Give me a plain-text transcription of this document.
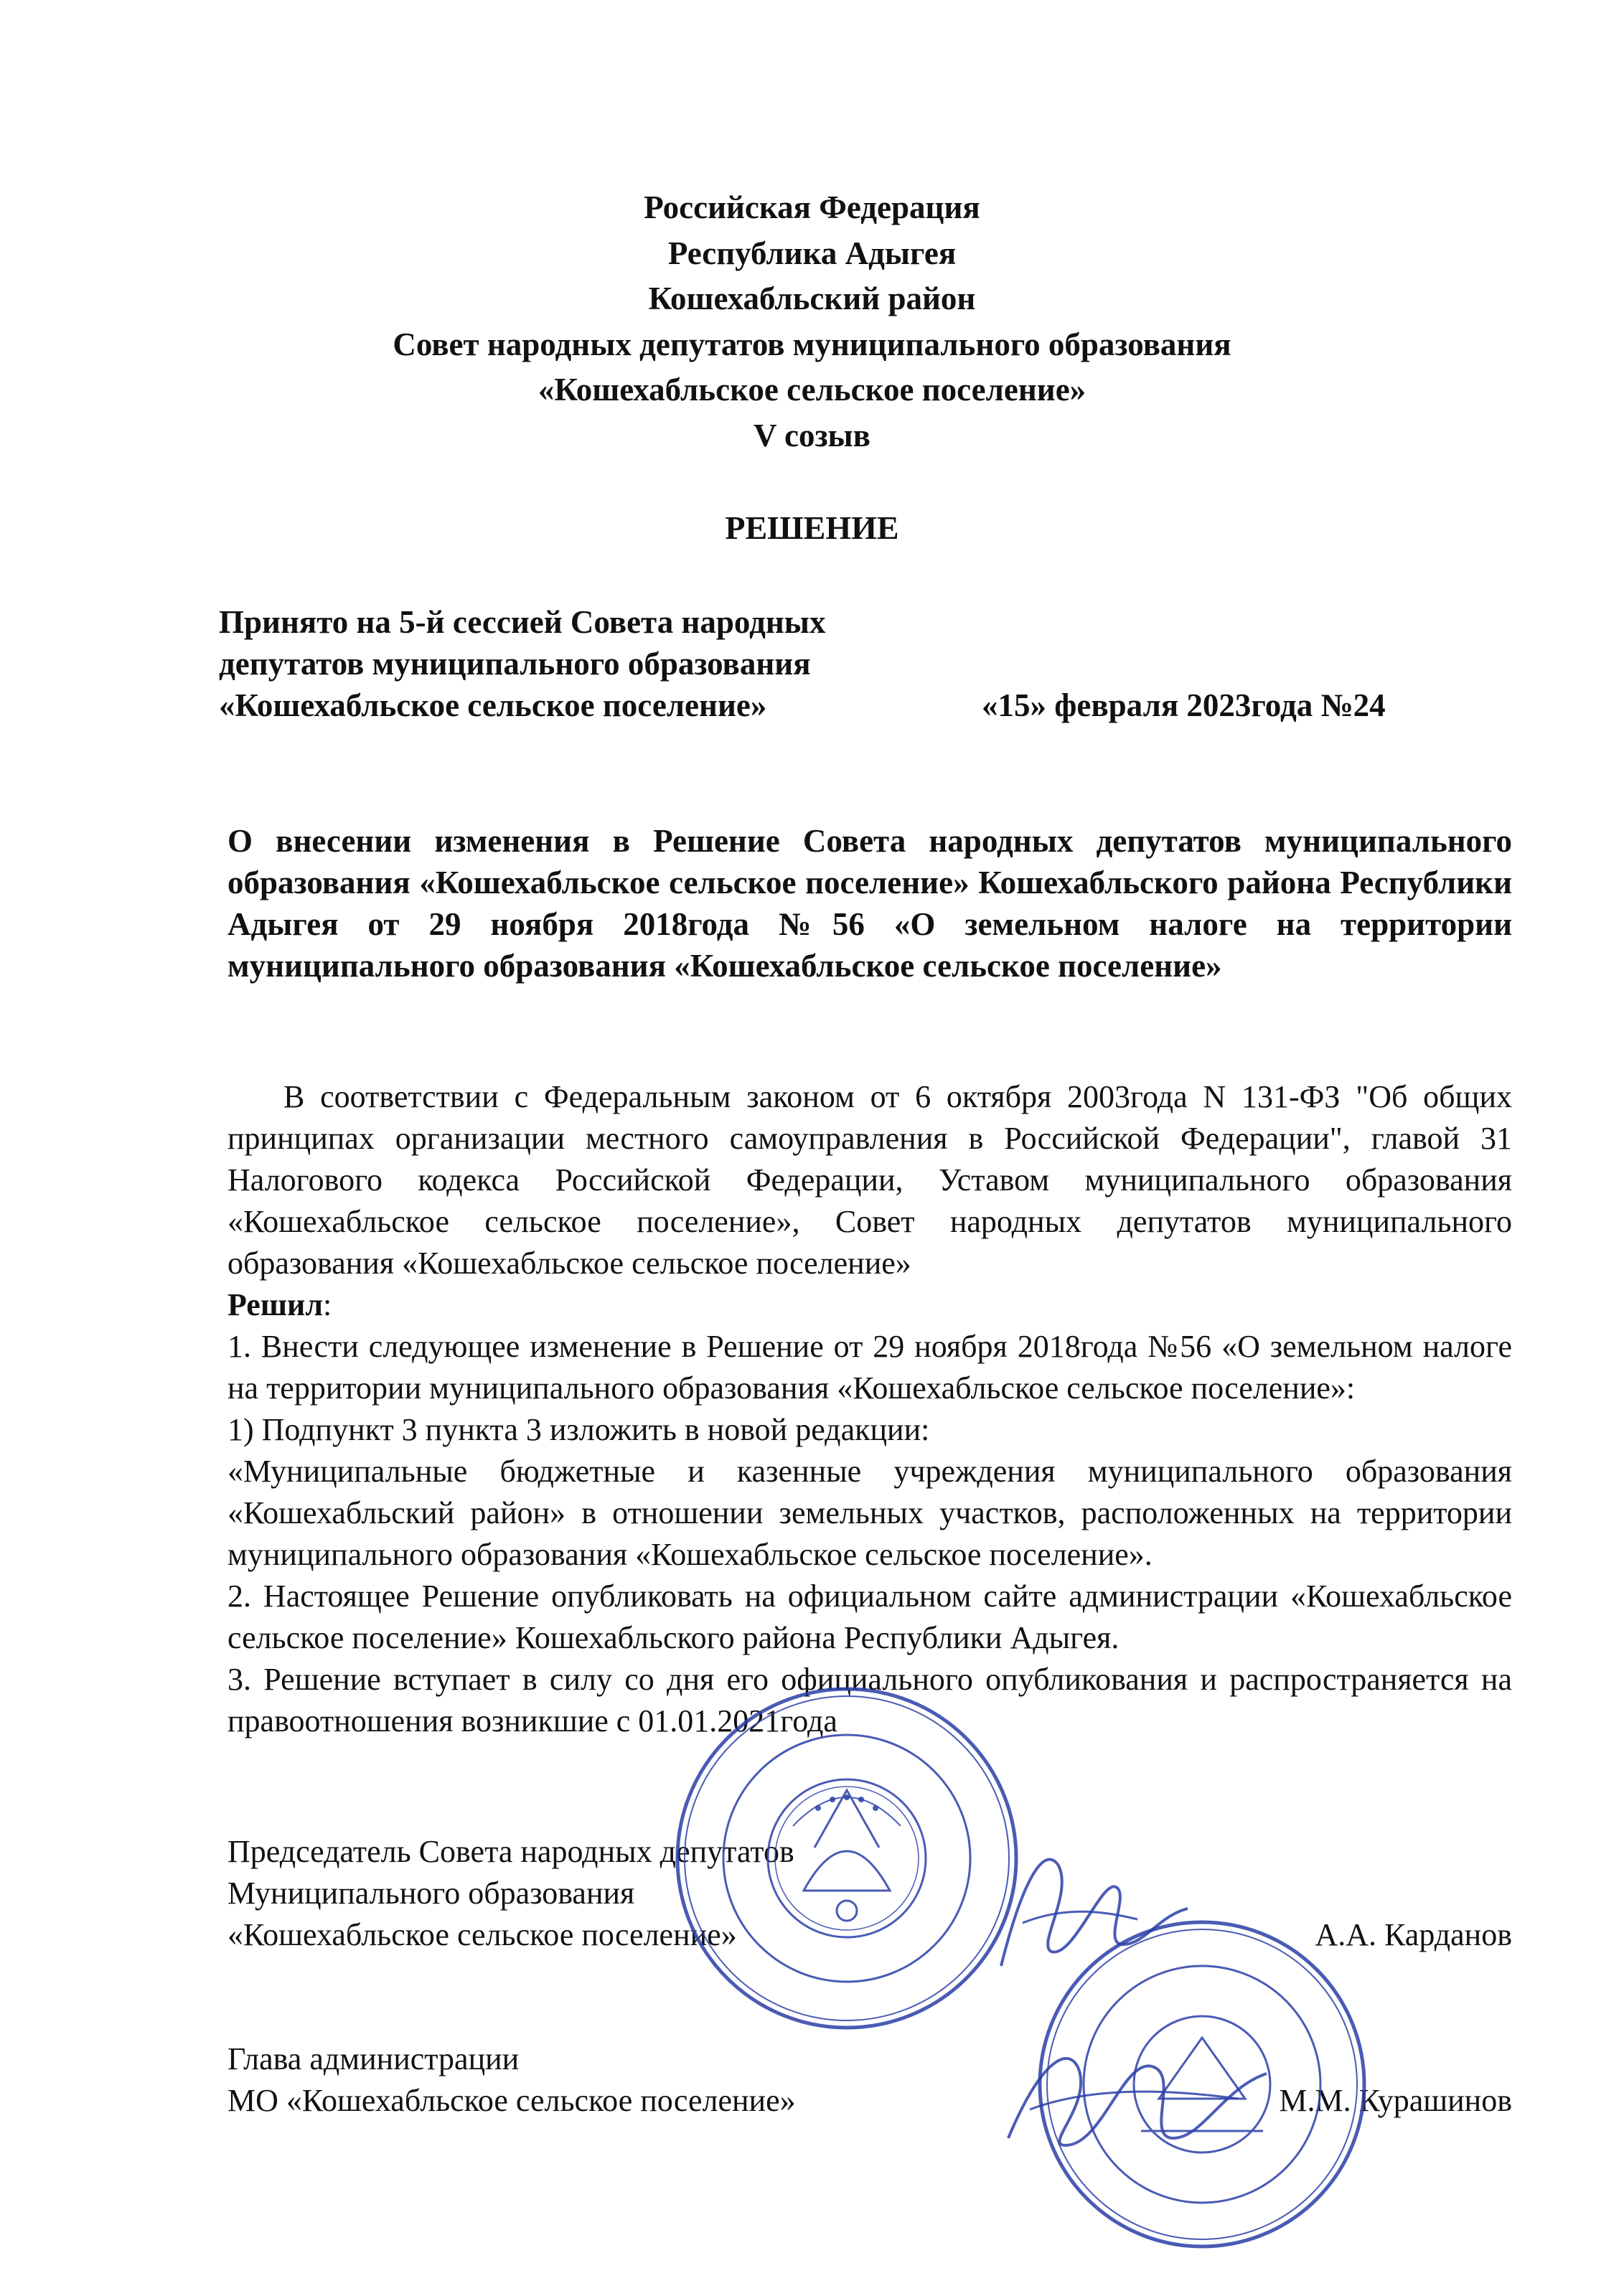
Российская Федерация
Республика Адыгея
Кошехабльский район
Совет народных депутатов муниципального образования
«Кошехабльское сельское поселение»
V созыв
РЕШЕНИЕ
Принято на 5-й сессией Совета народных
депутатов муниципального образования
«Кошехабльское сельское поселение»	«15» февраля 2023года №24
О внесении изменения в Решение Совета народных депутатов муниципального образования «Кошехабльское сельское поселение» Кошехабльского района Республики Адыгея от 29 ноября 2018года №56 «О земельном налоге на территории муниципального образования «Кошехабльское сельское поселение»

В соответствии с Федеральным законом от 6 октября 2003года N 131-ФЗ "Об общих принципах организации местного самоуправления в Российской Федерации", главой 31 Налогового кодекса Российской Федерации, Уставом муниципального образования «Кошехабльское сельское поселение», Совет народных депутатов муниципального образования «Кошехабльское сельское поселение»

Решил:

1. Внести следующее изменение в Решение от 29 ноября 2018года №56 «О земельном налоге на территории муниципального образования «Кошехабльское сельское поселение»:

1) Подпункт 3 пункта 3 изложить в новой редакции:

«Муниципальные бюджетные и казенные учреждения муниципального образования «Кошехабльский район» в отношении земельных участков, расположенных на территории муниципального образования «Кошехабльское сельское поселение».

2. Настоящее Решение опубликовать на официальном сайте администрации «Кошехабльское сельское поселение» Кошехабльского района Республики Адыгея.

3. Решение вступает в силу со дня его официального опубликования и распространяется на правоотношения возникшие с 01.01.2021года

Председатель Совета народных депутатов
Муниципального образования
«Кошехабльское сельское поселение»	А.А. Карданов
Глава администрации
МО «Кошехабльское сельское поселение»	М.М. Курашинов
